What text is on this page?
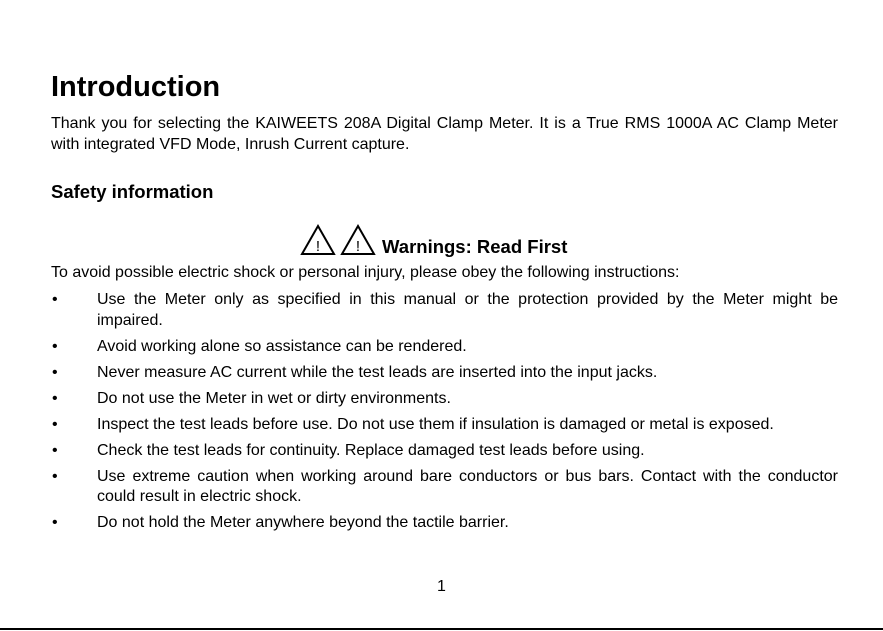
Introduction

Thank you for selecting the KAIWEETS 208A Digital Clamp Meter. It is a True RMS 1000A AC Clamp Meter with integrated VFD Mode, Inrush Current capture.

Safety information
! ! Warnings: Read First

To avoid possible electric shock or personal injury, please obey the following instructions:

• Use the Meter only as specified in this manual or the protection provided by the Meter might be impaired.
• Avoid working alone so assistance can be rendered.
• Never measure AC current while the test leads are inserted into the input jacks.
• Do not use the Meter in wet or dirty environments.
• Inspect the test leads before use. Do not use them if insulation is damaged or metal is exposed.
• Check the test leads for continuity. Replace damaged test leads before using.
• Use extreme caution when working around bare conductors or bus bars. Contact with the conductor could result in electric shock.
• Do not hold the Meter anywhere beyond the tactile barrier.
1
